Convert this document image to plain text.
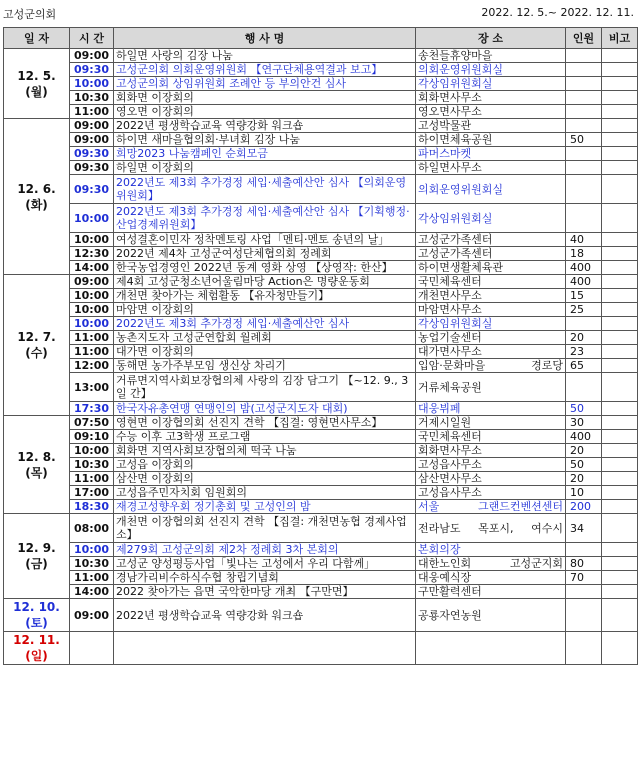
고성군의회	2022. 12. 5.~ 2022. 12. 11.
일 자	시 간	행 사 명	장 소	인원	비고

12. 5.
(월)	09:00	하일면 사랑의 김장 나눔	송천들휴양마을		
	09:30	고성군의회 의회운영위원회 【연구단체용역결과 보고】	의회운영위원회실		
	10:00	고성군의회 상임위원회 조례안 등 부의안건 심사	각상임위원회실		
	10:30	회화면 이장회의	회화면사무소		
	11:00	영오면 이장회의	영오면사무소		

12. 6.
(화)	09:00	2022년 평생학습교육 역량강화 워크숍	고성박물관		
	09:00	하이면 새마을협의회·부녀회 김장 나눔	하이면체육공원	50	
	09:30	희망2023 나눔캠페인 순회모금	파머스마켓		
	09:30	하일면 이장회의	하일면사무소		
	09:30	2022년도 제3회 추가경정 세입·세출예산안 심사 【의회운영위원회】	의회운영위원회실		
	10:00	2022년도 제3회 추가경정 세입·세출예산안 심사 【기획행정·산업경제위원회】	각상임위원회실		
	10:00	여성결혼이민자 정착멘토링 사업「멘티·멘토 송년의 날」	고성군가족센터	40	
	12:30	2022년 제4차 고성군여성단체협의회 정례회	고성군가족센터	18	
	14:00	한국농업경영인 2022년 동계 영화 상영 【상영작: 한산】	하이면생활체육관	400	

12. 7.
(수)	09:00	제4회 고성군청소년어울림마당 Action은 명량운동회	국민체육센터	400	
	10:00	개천면 찾아가는 체험활동 【유자청만들기】	개천면사무소	15	
	10:00	마암면 이장회의	마암면사무소	25	
	10:00	2022년도 제3회 추가경정 세입·세출예산안 심사	각상임위원회실		
	11:00	농촌지도자 고성군연합회 월례회	농업기술센터	20	
	11:00	대가면 이장회의	대가면사무소	23	
	12:00	동해면 농가주부모임 생신상 차리기	입암·문화마을 경로당	65	
	13:00	거류면지역사회보장협의체 사랑의 김장 담그기 【~12. 9., 3일 간】	거류체육공원		
	17:30	한국자유총연맹 연맹인의 밤(고성군지도자 대회)	대웅뷔페	50	

12. 8.
(목)	07:50	영현면 이장협의회 선진지 견학 【집결: 영현면사무소】	거제시일원	30	
	09:10	수능 이후 고3학생 프로그램	국민체육센터	400	
	10:00	회화면 지역사회보장협의체 떡국 나눔	회화면사무소	20	
	10:30	고성읍 이장회의	고성읍사무소	50	
	11:00	삼산면 이장회의	삼산면사무소	20	
	17:00	고성읍주민자치회 임원회의	고성읍사무소	10	
	18:30	재경고성향우회 정기총회 및 고성인의 밤	서울 그랜드컨벤션센터	200	

12. 9.
(금)	08:00	개천면 이장협의회 선진지 견학 【집결: 개천면농협 경제사업소】	전라남도 목포시, 여수시	34	
	10:00	제279회 고성군의회 제2차 정례회 3차 본회의	본회의장		
	10:30	고성군 양성평등사업「빛나는 고성에서 우리 다함께」	대한노인회 고성군지회	80	
	11:00	경남가리비수하식수협 창립기념회	대웅예식장	70	
	14:00	2022 찾아가는 읍면 국악한마당 개최 【구만면】	구만활력센터		

12. 10.
(토)	09:00	2022년 평생학습교육 역량강화 워크숍	공룡자연농원		

12. 11.
(일)					
